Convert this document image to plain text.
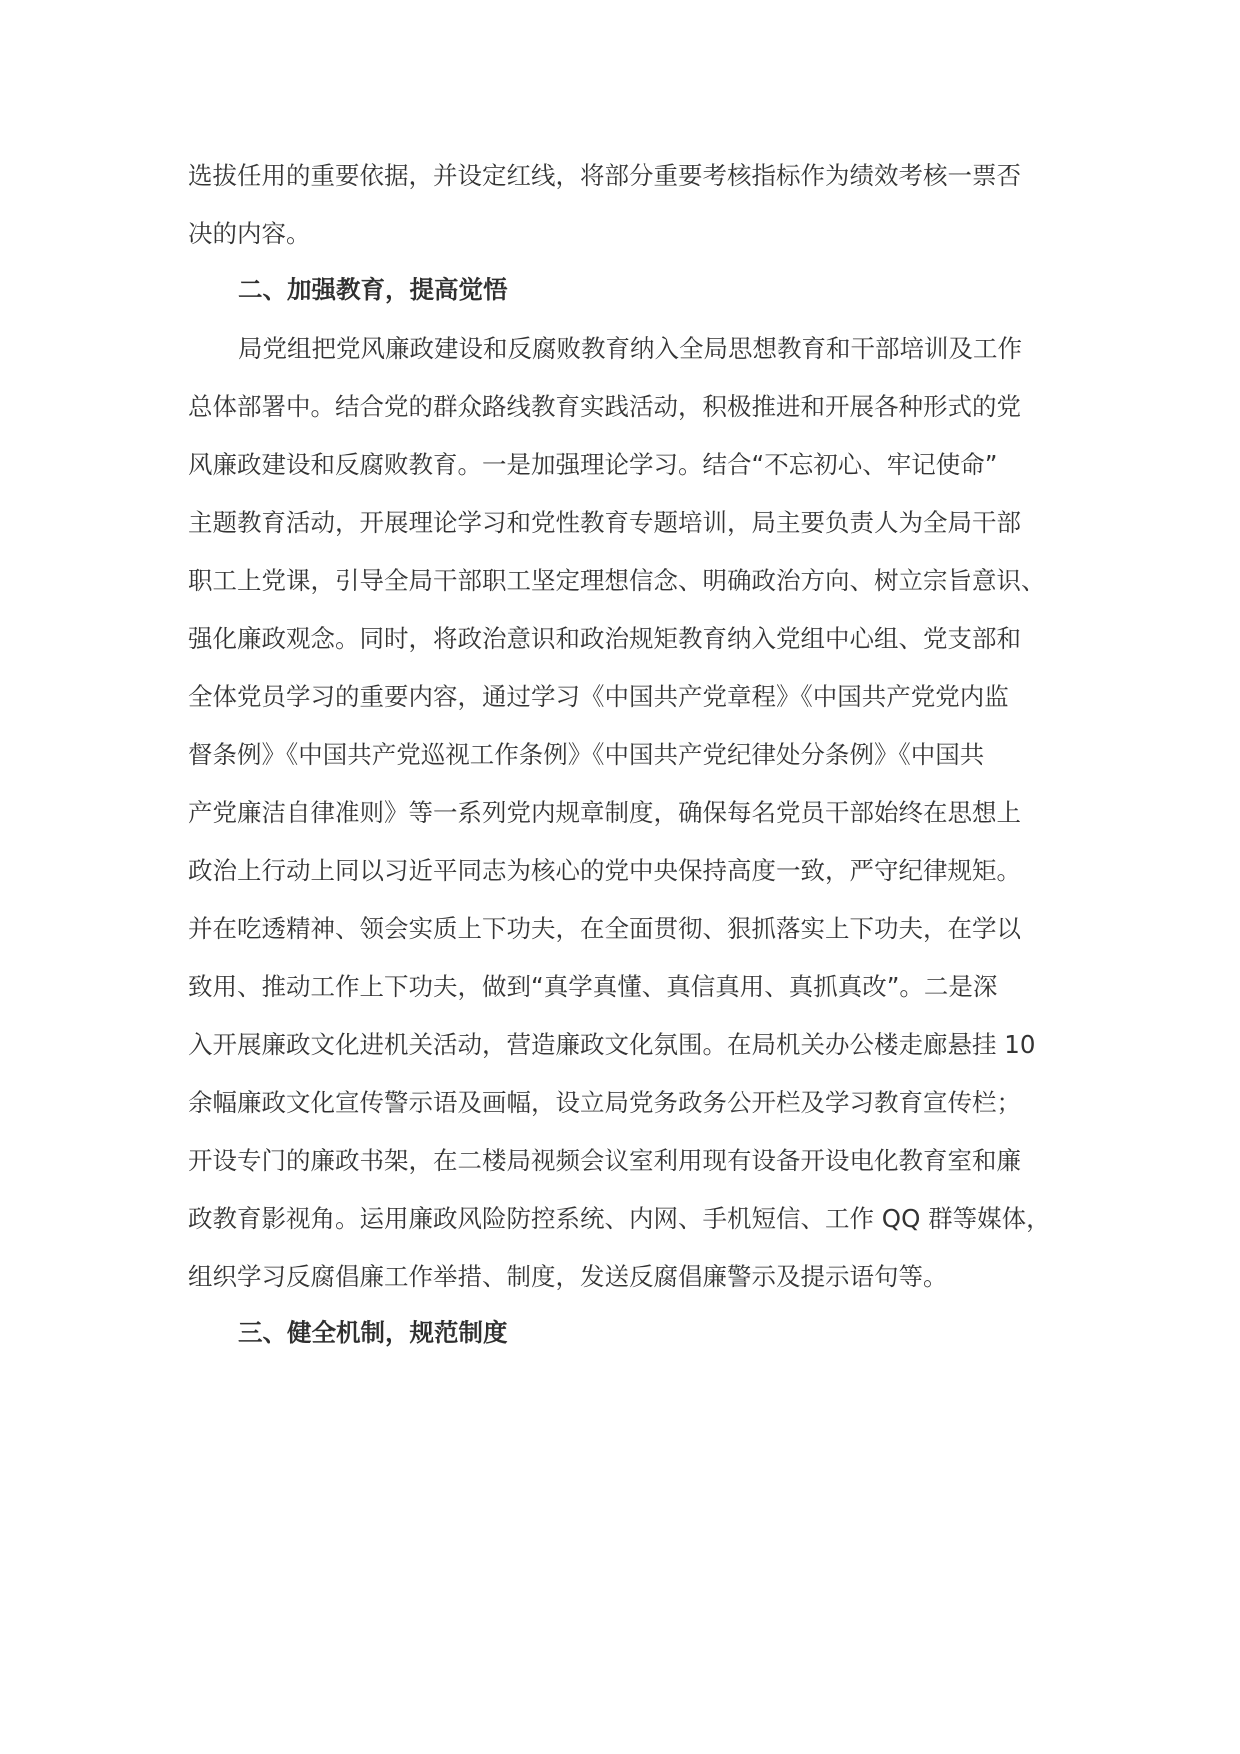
选拔任用的重要依据，并设定红线，将部分重要考核指标作为绩效考核一票否
决的内容。
二、加强教育，提高觉悟
局党组把党风廉政建设和反腐败教育纳入全局思想教育和干部培训及工作
总体部署中。结合党的群众路线教育实践活动，积极推进和开展各种形式的党
风廉政建设和反腐败教育。一是加强理论学习。结合“不忘初心、牢记使命”
主题教育活动，开展理论学习和党性教育专题培训，局主要负责人为全局干部
职工上党课，引导全局干部职工坚定理想信念、明确政治方向、树立宗旨意识、
强化廉政观念。同时，将政治意识和政治规矩教育纳入党组中心组、党支部和
全体党员学习的重要内容，通过学习《中国共产党章程》《中国共产党党内监
督条例》《中国共产党巡视工作条例》《中国共产党纪律处分条例》《中国共
产党廉洁自律准则》等一系列党内规章制度，确保每名党员干部始终在思想上
政治上行动上同以习近平同志为核心的党中央保持高度一致，严守纪律规矩。
并在吃透精神、领会实质上下功夫，在全面贯彻、狠抓落实上下功夫，在学以
致用、推动工作上下功夫，做到“真学真懂、真信真用、真抓真改”。二是深
入开展廉政文化进机关活动，营造廉政文化氛围。在局机关办公楼走廊悬挂 10
余幅廉政文化宣传警示语及画幅，设立局党务政务公开栏及学习教育宣传栏；
开设专门的廉政书架，在二楼局视频会议室利用现有设备开设电化教育室和廉
政教育影视角。运用廉政风险防控系统、内网、手机短信、工作 QQ 群等媒体，
组织学习反腐倡廉工作举措、制度，发送反腐倡廉警示及提示语句等。
三、健全机制，规范制度
